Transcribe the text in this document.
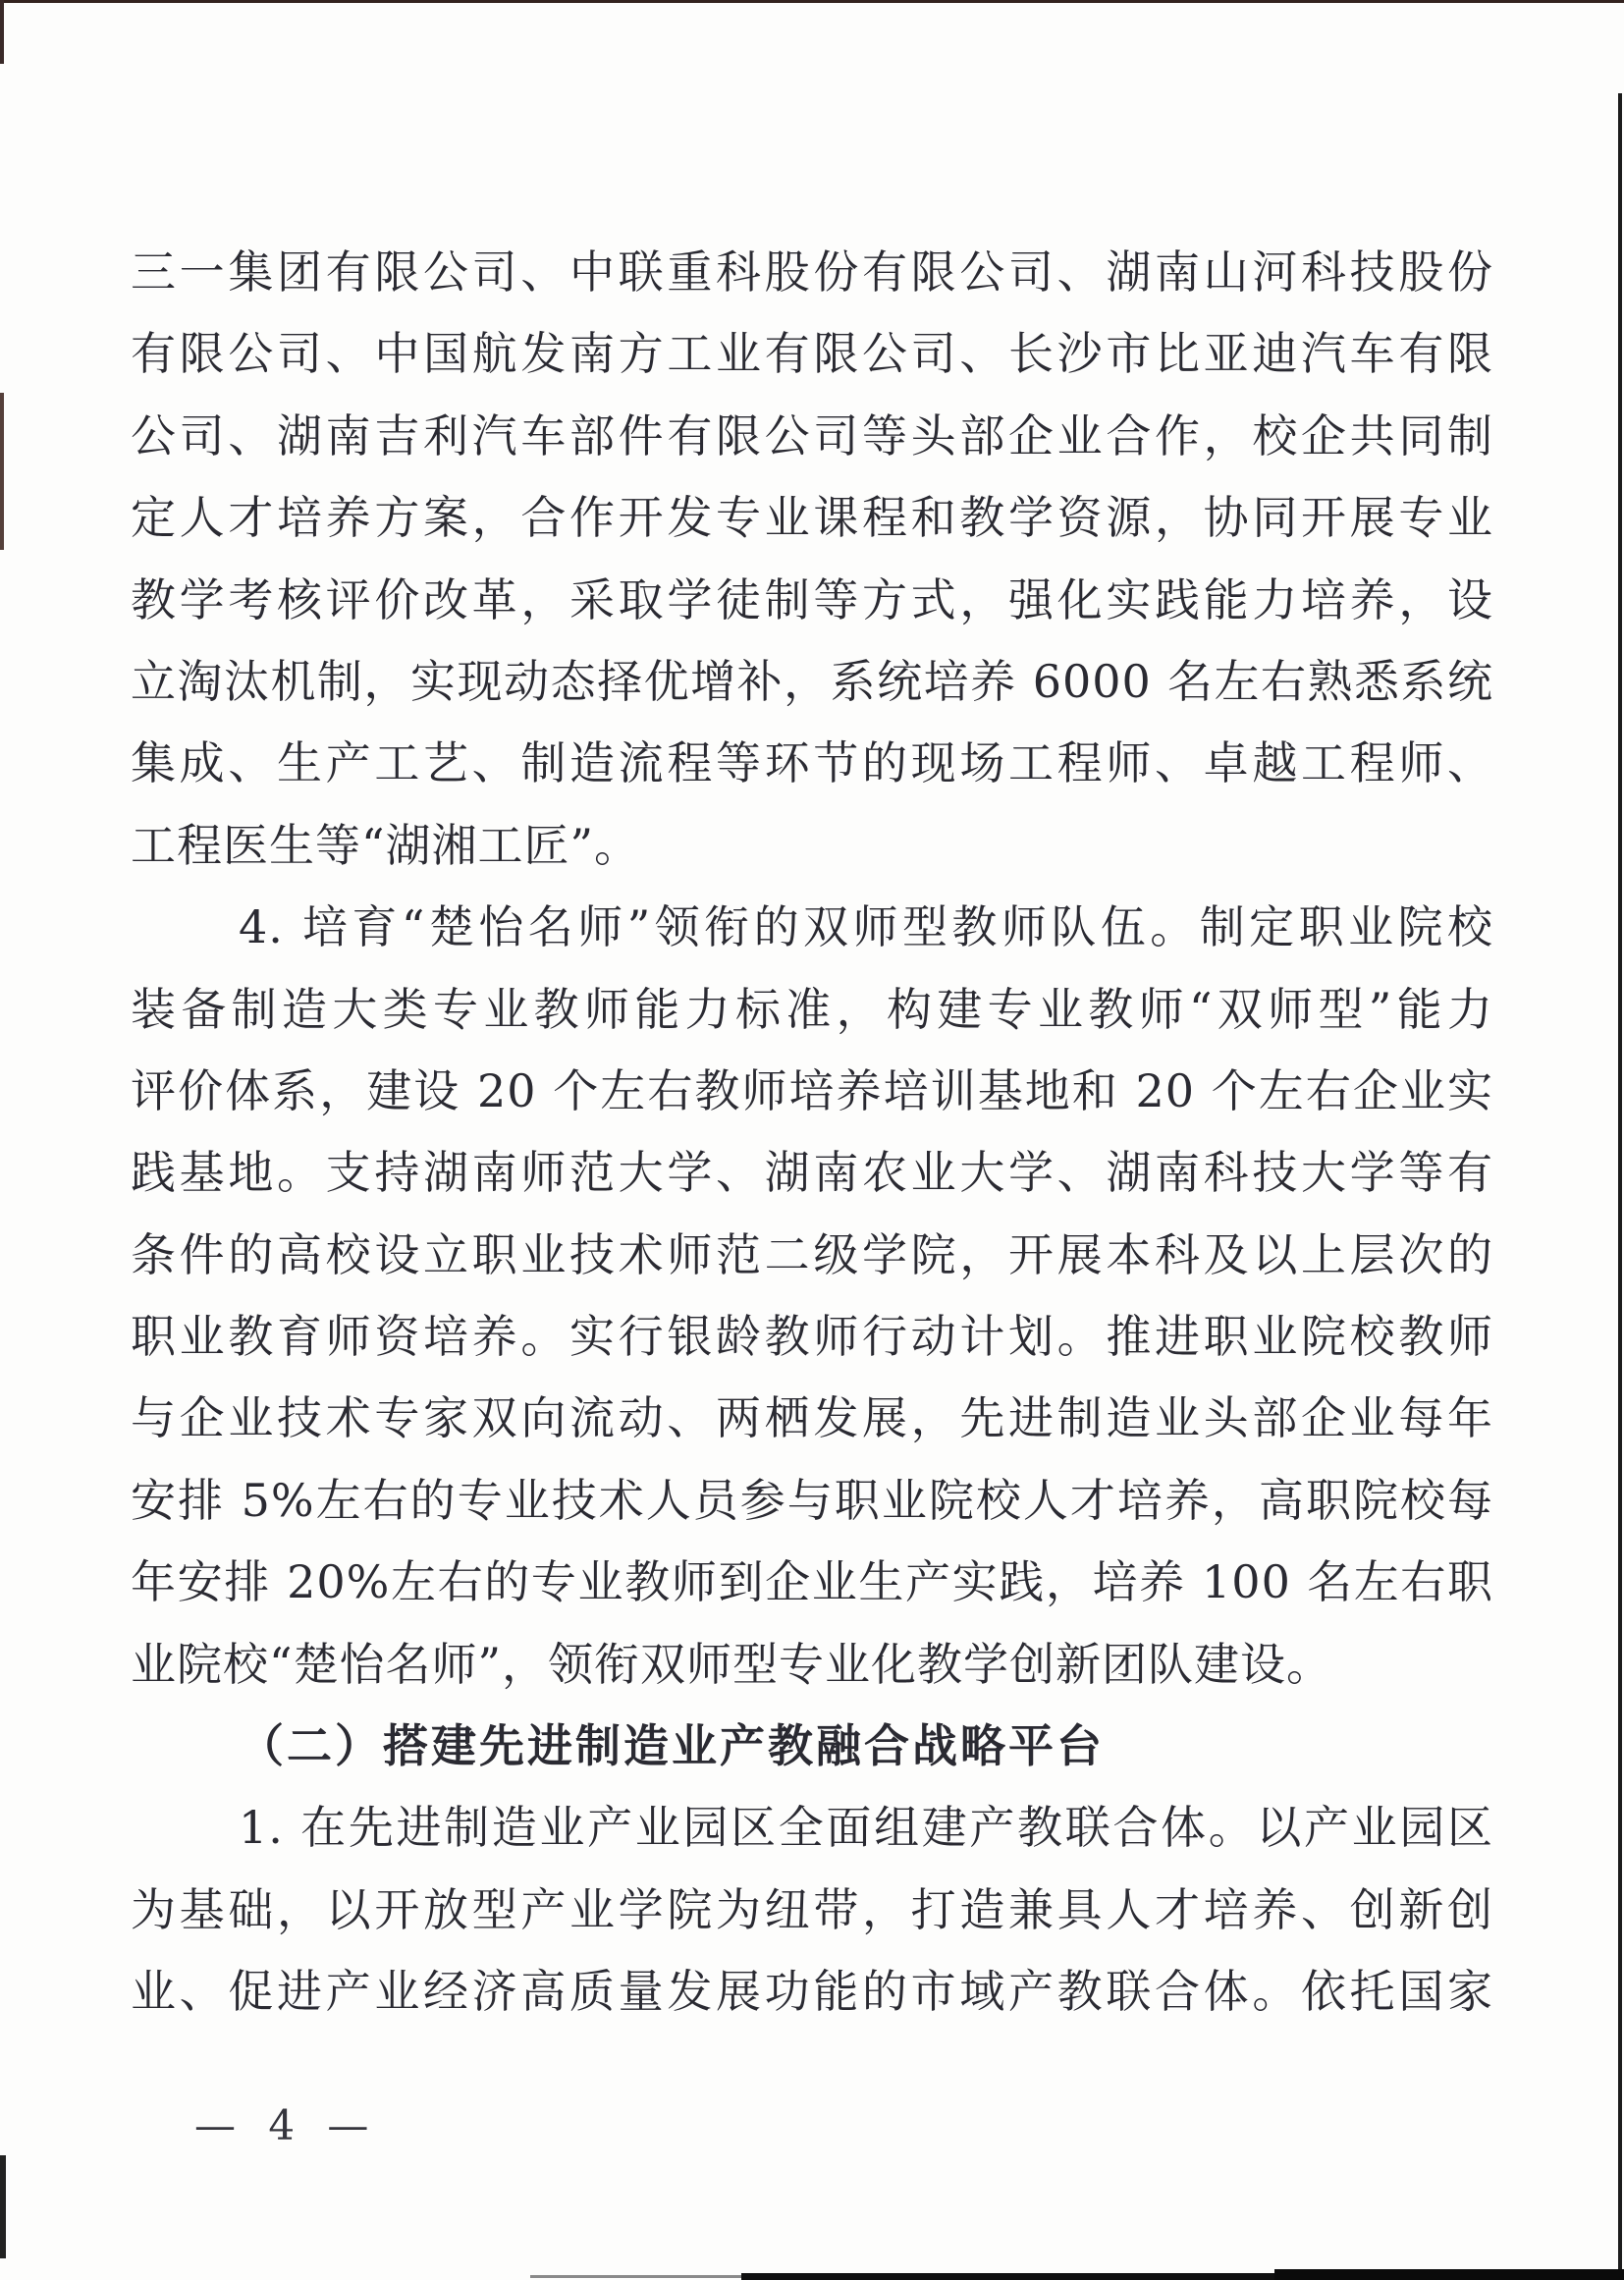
三一集团有限公司、中联重科股份有限公司、湖南山河科技股份
有限公司、中国航发南方工业有限公司、长沙市比亚迪汽车有限
公司、湖南吉利汽车部件有限公司等头部企业合作，校企共同制
定人才培养方案，合作开发专业课程和教学资源，协同开展专业
教学考核评价改革，采取学徒制等方式，强化实践能力培养，设
立淘汰机制，实现动态择优增补，系统培养 6000 名左右熟悉系统
集成、生产工艺、制造流程等环节的现场工程师、卓越工程师、
工程医生等“湖湘工匠”。
4. 培育“楚怡名师”领衔的双师型教师队伍。制定职业院校
装备制造大类专业教师能力标准，构建专业教师“双师型”能力
评价体系，建设 20 个左右教师培养培训基地和 20 个左右企业实
践基地。支持湖南师范大学、湖南农业大学、湖南科技大学等有
条件的高校设立职业技术师范二级学院，开展本科及以上层次的
职业教育师资培养。实行银龄教师行动计划。推进职业院校教师
与企业技术专家双向流动、两栖发展，先进制造业头部企业每年
安排 5%左右的专业技术人员参与职业院校人才培养，高职院校每
年安排 20%左右的专业教师到企业生产实践，培养 100 名左右职
业院校“楚怡名师”，领衔双师型专业化教学创新团队建设。
（二）搭建先进制造业产教融合战略平台
1. 在先进制造业产业园区全面组建产教联合体。以产业园区
为基础，以开放型产业学院为纽带，打造兼具人才培养、创新创
业、促进产业经济高质量发展功能的市域产教联合体。依托国家
— 4 —
